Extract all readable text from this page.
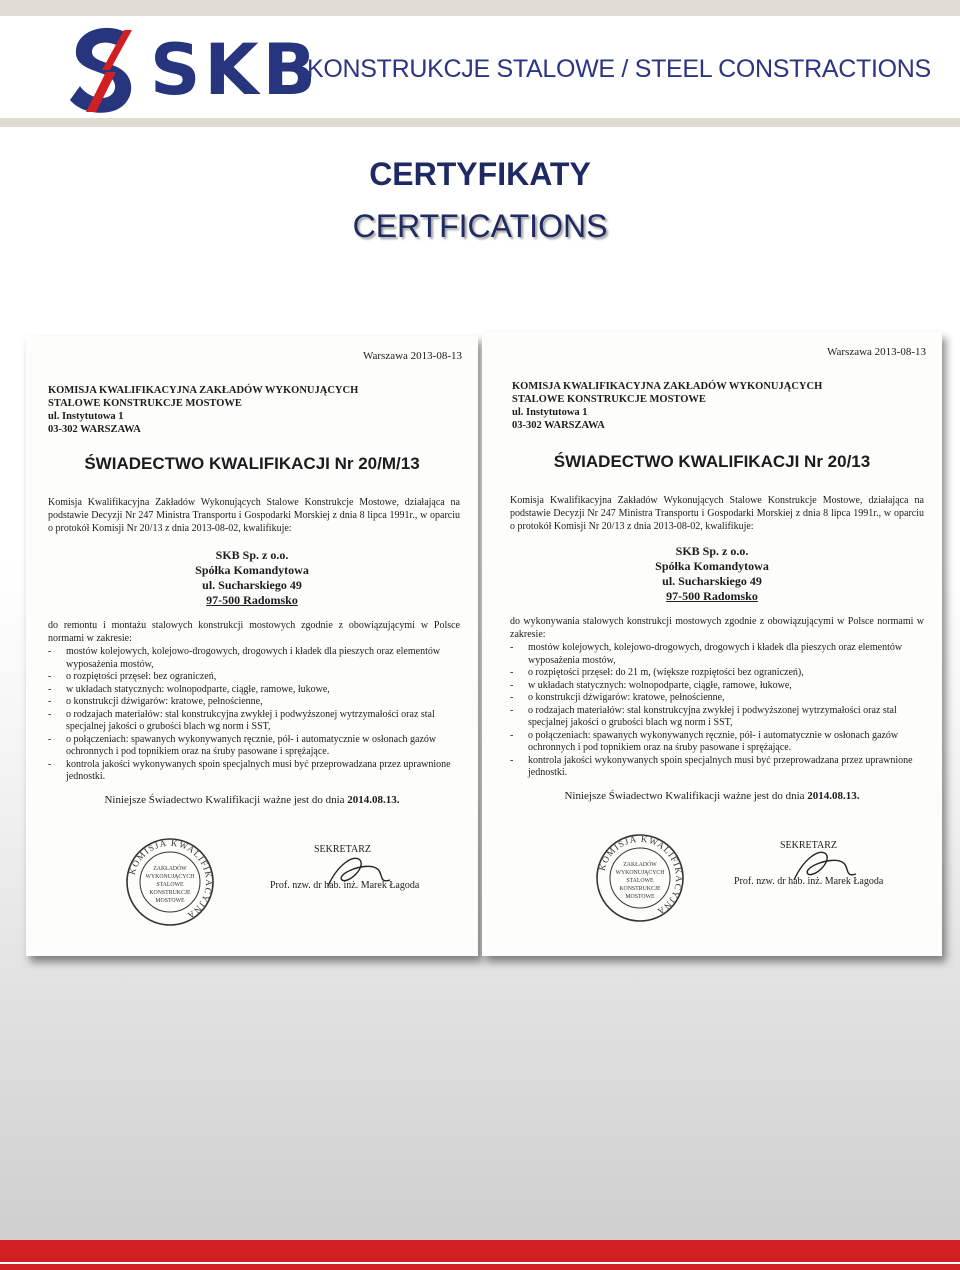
SKB
KONSTRUKCJE STALOWE / STEEL CONSTRACTIONS
CERTYFIKATY
CERTFICATIONS
Warszawa 2013-08-13
KOMISJA KWALIFIKACYJNA ZAKŁADÓW WYKONUJĄCYCH
STALOWE KONSTRUKCJE MOSTOWE
ul. Instytutowa 1
03-302 WARSZAWA
ŚWIADECTWO KWALIFIKACJI Nr 20/M/13
Komisja Kwalifikacyjna Zakładów Wykonujących Stalowe Konstrukcje Mostowe, działająca na podstawie Decyzji Nr 247 Ministra Transportu i Gospodarki Morskiej z dnia 8 lipca 1991r., w oparciu o protokół Komisji Nr 20/13 z dnia 2013-08-02, kwalifikuje:
SKB Sp. z o.o.
Spółka Komandytowa
ul. Sucharskiego 49
97-500 Radomsko
do remontu i montażu stalowych konstrukcji mostowych zgodnie z obowiązującymi w Polsce normami w zakresie:
- mostów kolejowych, kolejowo-drogowych, drogowych i kładek dla pieszych oraz elementów wyposażenia mostów,
- o rozpiętości przęseł: bez ograniczeń,
- w układach statycznych: wolnopodparte, ciągłe, ramowe, łukowe,
- o konstrukcji dźwigarów: kratowe, pełnościenne,
- o rodzajach materiałów: stal konstrukcyjna zwykłej i podwyższonej wytrzymałości oraz stal specjalnej jakości o grubości blach wg norm i SST,
- o połączeniach: spawanych wykonywanych ręcznie, pół- i automatycznie w osłonach gazów ochronnych i pod topnikiem oraz na śruby pasowane i sprężające.
- kontrola jakości wykonywanych spoin specjalnych musi być przeprowadzana przez uprawnione jednostki.
Niniejsze Świadectwo Kwalifikacji ważne jest do dnia 2014.08.13.
KOMISJA KWALIFIKACYJNA
ZAKŁADÓW
WYKONUJĄCYCH
STALOWE
KONSTRUKCJE
MOSTOWE
SEKRETARZ
Prof. nzw. dr hab. inż. Marek Łagoda
Warszawa 2013-08-13
KOMISJA KWALIFIKACYJNA ZAKŁADÓW WYKONUJĄCYCH
STALOWE KONSTRUKCJE MOSTOWE
ul. Instytutowa 1
03-302 WARSZAWA
ŚWIADECTWO KWALIFIKACJI Nr 20/13
Komisja Kwalifikacyjna Zakładów Wykonujących Stalowe Konstrukcje Mostowe, działająca na podstawie Decyzji Nr 247 Ministra Transportu i Gospodarki Morskiej z dnia 8 lipca 1991r., w oparciu o protokół Komisji Nr 20/13 z dnia 2013-08-02, kwalifikuje:
SKB Sp. z o.o.
Spółka Komandytowa
ul. Sucharskiego 49
97-500 Radomsko
do wykonywania stalowych konstrukcji mostowych zgodnie z obowiązującymi w Polsce normami w zakresie:
- mostów kolejowych, kolejowo-drogowych, drogowych i kładek dla pieszych oraz elementów wyposażenia mostów,
- o rozpiętości przęseł: do 21 m, (większe rozpiętości bez ograniczeń),
- w układach statycznych: wolnopodparte, ciągłe, ramowe, łukowe,
- o konstrukcji dźwigarów: kratowe, pełnościenne,
- o rodzajach materiałów: stal konstrukcyjna zwykłej i podwyższonej wytrzymałości oraz stal specjalnej jakości o grubości blach wg norm i SST,
- o połączeniach: spawanych wykonywanych ręcznie, pół- i automatycznie w osłonach gazów ochronnych i pod topnikiem oraz na śruby pasowane i sprężające.
- kontrola jakości wykonywanych spoin specjalnych musi być przeprowadzana przez uprawnione jednostki.
Niniejsze Świadectwo Kwalifikacji ważne jest do dnia 2014.08.13.
KOMISJA KWALIFIKACYJNA
ZAKŁADÓW
WYKONUJĄCYCH
STALOWE
KONSTRUKCJE
MOSTOWE
SEKRETARZ
Prof. nzw. dr hab. inż. Marek Łagoda
